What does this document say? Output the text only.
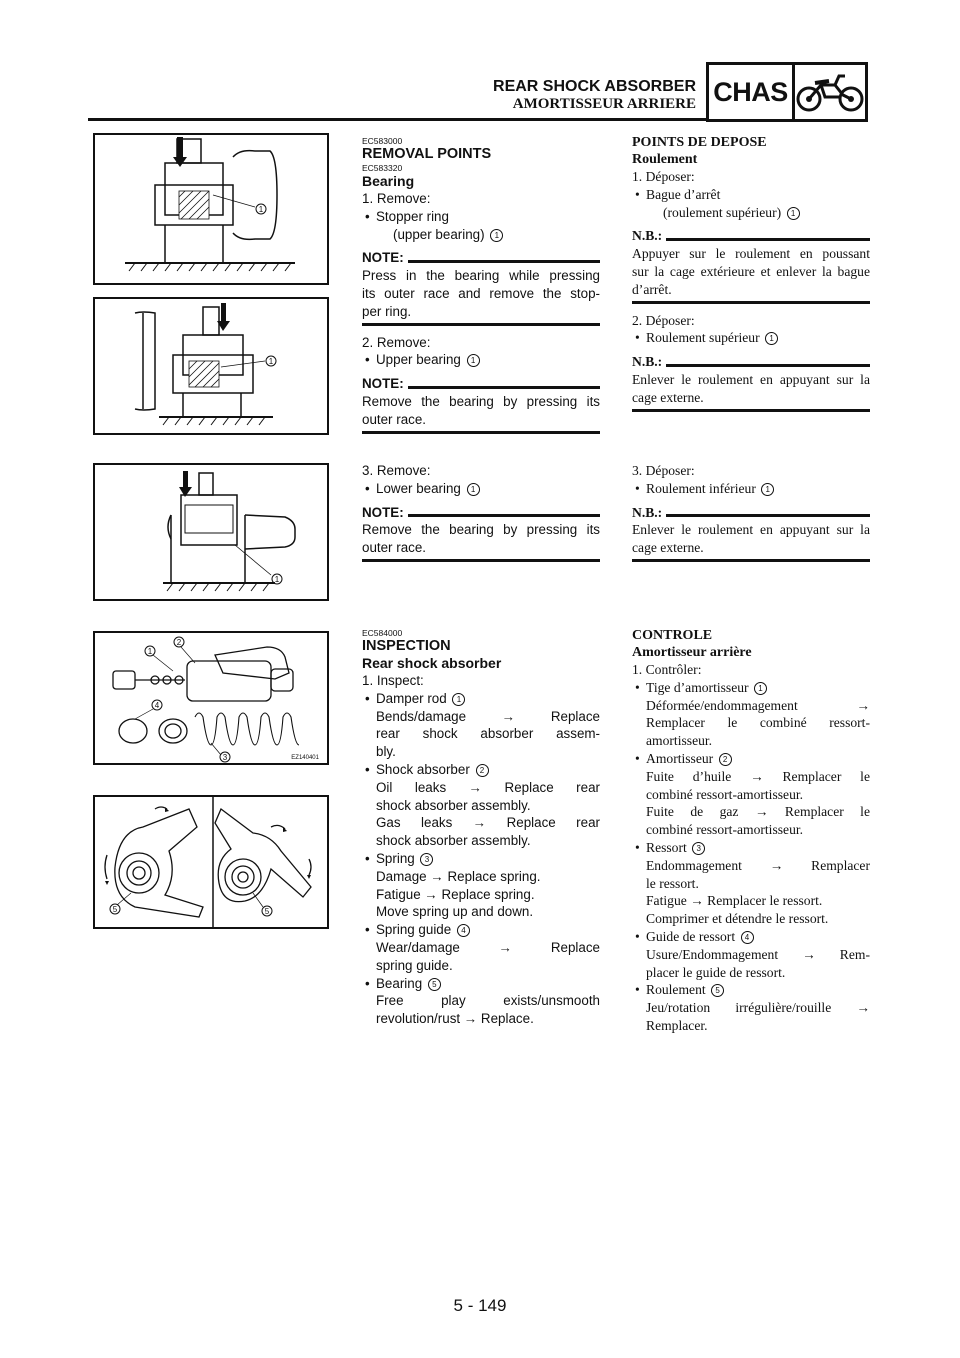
REAR SHOCK ABSORBER
AMORTISSEUR ARRIERE CHAS
1
1
1
1
2
3
4
EZ140401
5	5
EC583000
REMOVAL POINTS
EC583320
Bearing
1. Remove:
• Stopper ring
(upper bearing) 1
NOTE:
Press in the bearing while pressing
its outer race and remove the stop-
per ring.
2. Remove:
• Upper bearing 1
NOTE:
Remove the bearing by pressing its
outer race.
3. Remove:
• Lower bearing 1
NOTE:
Remove the bearing by pressing its
outer race.
EC584000
INSPECTION
Rear shock absorber
1. Inspect:
• Damper rod 1
Bends/damage → Replace
rear shock absorber assem-
bly.
• Shock absorber 2
Oil leaks → Replace rear
shock absorber assembly.
Gas leaks → Replace rear
shock absorber assembly.
• Spring 3
Damage → Replace spring.
Fatigue → Replace spring.
Move spring up and down.
• Spring guide 4
Wear/damage → Replace
spring guide.
• Bearing 5
Free play exists/unsmooth
revolution/rust → Replace.
POINTS DE DEPOSE
Roulement
1. Déposer:
• Bague d’arrêt
(roulement supérieur) 1
N.B.:
Appuyer sur le roulement en poussant
sur la cage extérieure et enlever la bague
d’arrêt.
2. Déposer:
• Roulement supérieur 1
N.B.:
Enlever le roulement en appuyant sur la
cage externe.
3. Déposer:
• Roulement inférieur 1
N.B.:
Enlever le roulement en appuyant sur la
cage externe.
CONTROLE
Amortisseur arrière
1. Contrôler:
• Tige d’amortisseur 1
Déformée/endommagement →
Remplacer le combiné ressort-
amortisseur.
• Amortisseur 2
Fuite d’huile → Remplacer le
combiné ressort-amortisseur.
Fuite de gaz → Remplacer le
combiné ressort-amortisseur.
• Ressort 3
Endommagement → Remplacer
le ressort.
Fatigue → Remplacer le ressort.
Comprimer et détendre le ressort.
• Guide de ressort 4
Usure/Endommagement → Rem-
placer le guide de ressort.
• Roulement 5
Jeu/rotation irrégulière/rouille →
Remplacer.
5 - 149
